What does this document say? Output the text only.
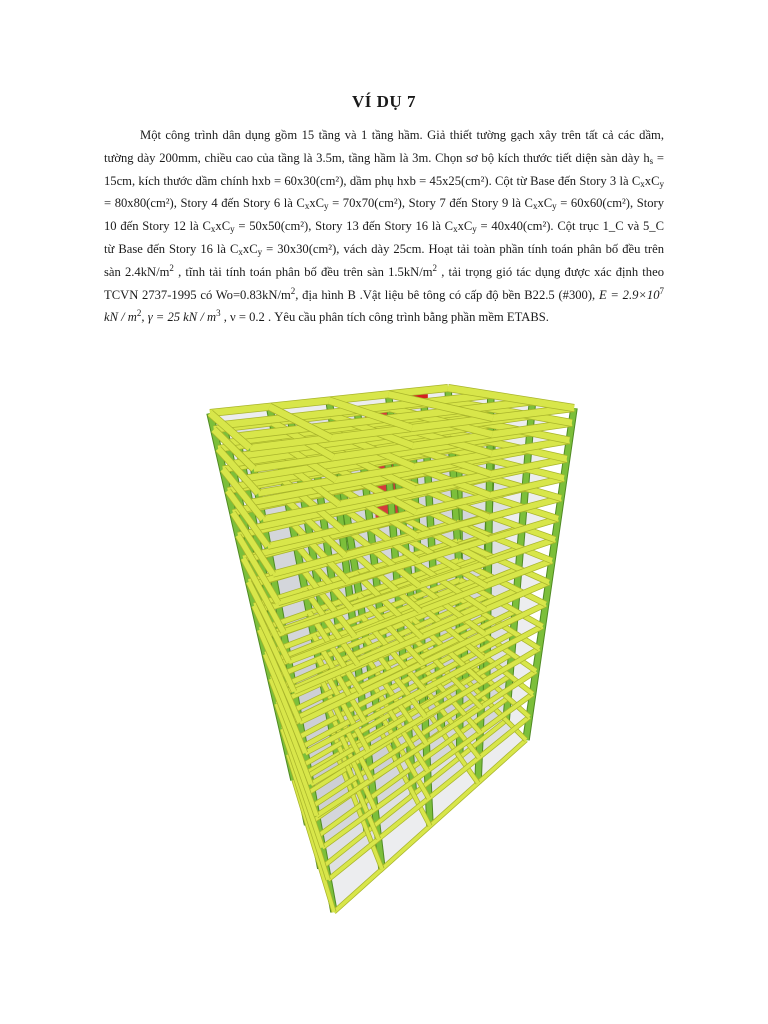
VÍ DỤ 7
Một công trình dân dụng gồm 15 tầng và 1 tầng hầm. Giả thiết tường gạch xây trên tất cả các dầm, tường dày 200mm, chiều cao của tầng là 3.5m, tầng hầm là 3m. Chọn sơ bộ kích thước tiết diện sàn dày $h_s = 15cm$, kích thước dầm chính hxb = 60x30(cm²), dầm phụ hxb = 45x25(cm²). Cột từ Base đến Story 3 là $C_xxC_y = 80x80(cm^2)$, Story 4 đến Story 6 là $C_xxC_y = 70x70(cm^2)$, Story 7 đến Story 9 là $C_xxC_y = 60x60(cm^2)$, Story 10 đến Story 12 là $C_xxC_y = 50x50(cm^2)$, Story 13 đến Story 16 là $C_xxC_y = 40x40(cm^2)$. Cột trục 1_C và 5_C từ Base đến Story 16 là $C_xxC_y = 30x30(cm^2)$, vách dày 25cm. Hoạt tải toàn phần tính toán phân bố đều trên sàn $2.4kN/m^2$ , tĩnh tải tính toán phân bố đều trên sàn $1.5kN/m^2$ , tải trọng gió tác dụng được xác định theo TCVN 2737-1995 có $Wo=0.83kN/m^2$, địa hình B .Vật liệu bê tông có cấp độ bền B22.5 (#300), $E = 2.9\times 10^7$ kN / $m^2$, γ = 25 kN / $m^3$ , ν = 0.2 . Yêu cầu phân tích công trình bằng phần mềm ETABS.
